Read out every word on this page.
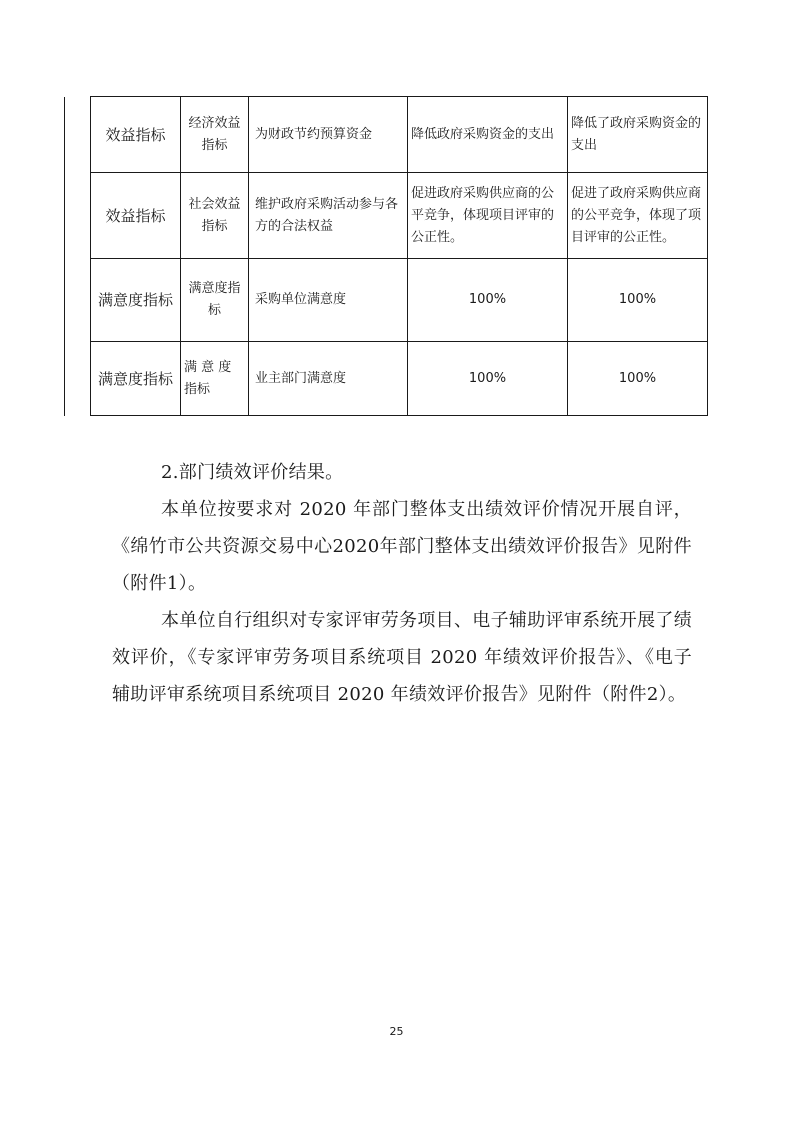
	效益指标	经济效益指标	为财政节约预算资金	降低政府采购资金的支出	降低了政府采购资金的支出
	效益指标	社会效益指标	维护政府采购活动参与各方的合法权益	促进政府采购供应商的公平竞争，体现项目评审的公正性。	促进了政府采购供应商的公平竞争，体现了项目评审的公正性。
	满意度指标	满意度指标	采购单位满意度	100%	100%
	满意度指标	满 意 度 指标	业主部门满意度	100%	100%

2.部门绩效评价结果。

本单位按要求对 2020 年部门整体支出绩效评价情况开展自评，《绵竹市公共资源交易中心2020年部门整体支出绩效评价报告》见附件（附件1）。

本单位自行组织对专家评审劳务项目、电子辅助评审系统开展了绩效评价，《专家评审劳务项目系统项目 2020 年绩效评价报告》、《电子辅助评审系统项目系统项目 2020 年绩效评价报告》见附件（附件2）。

25
